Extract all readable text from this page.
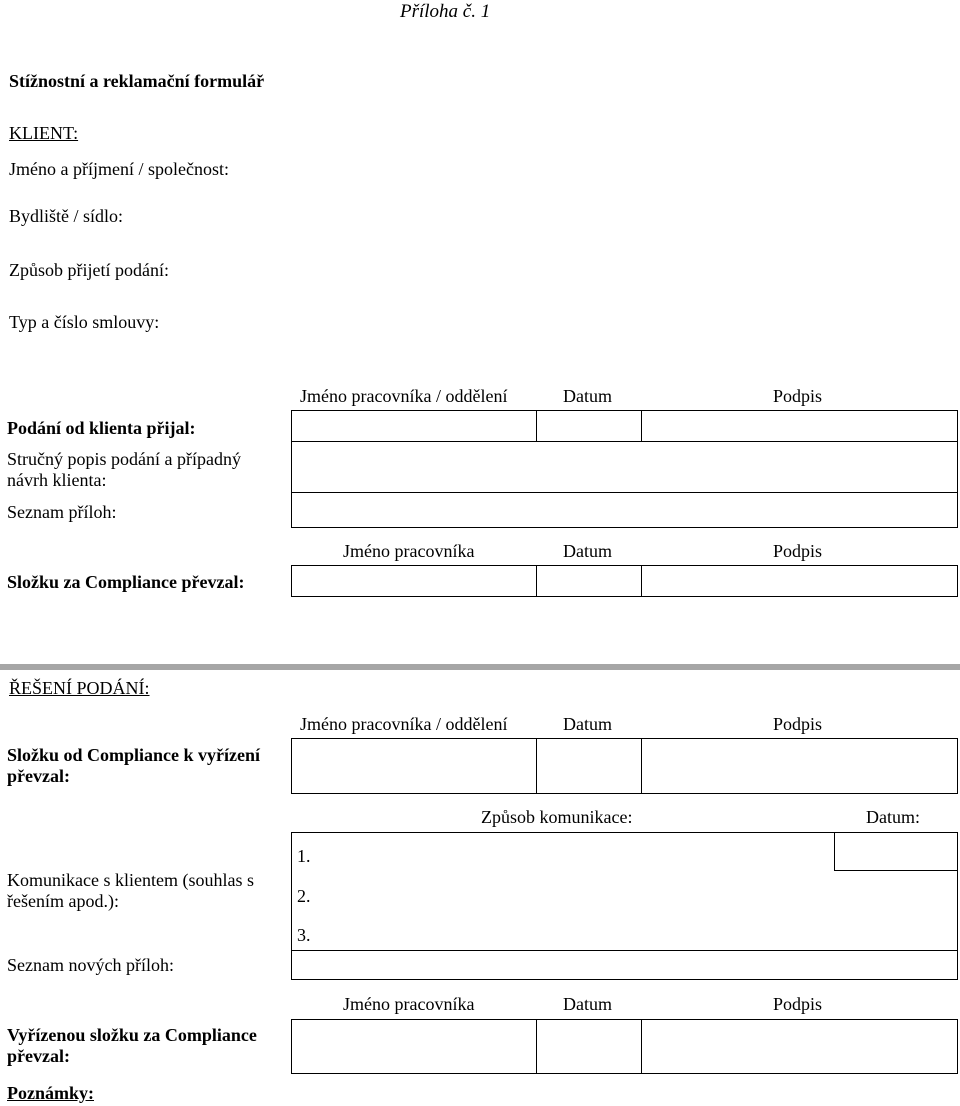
Příloha č. 1
Stížnostní a reklamační formulář
KLIENT:
Jméno a příjmení / společnost:
Bydliště / sídlo:
Způsob přijetí podání:
Typ a číslo smlouvy:
Jméno pracovníka / oddělení	Datum	Podpis
Podání od klienta přijal:
Stručný popis podání a případný návrh klienta:
Seznam příloh:
Jméno pracovníka	Datum	Podpis
Složku za Compliance převzal:
ŘEŠENÍ PODÁNÍ:
Jméno pracovníka / oddělení	Datum	Podpis
Složku od Compliance k vyřízení převzal:
Způsob komunikace:	Datum:
Komunikace s klientem (souhlas s řešením apod.):
1.
2.
3.
Seznam nových příloh:
Jméno pracovníka	Datum	Podpis
Vyřízenou složku za Compliance převzal:
Poznámky:
